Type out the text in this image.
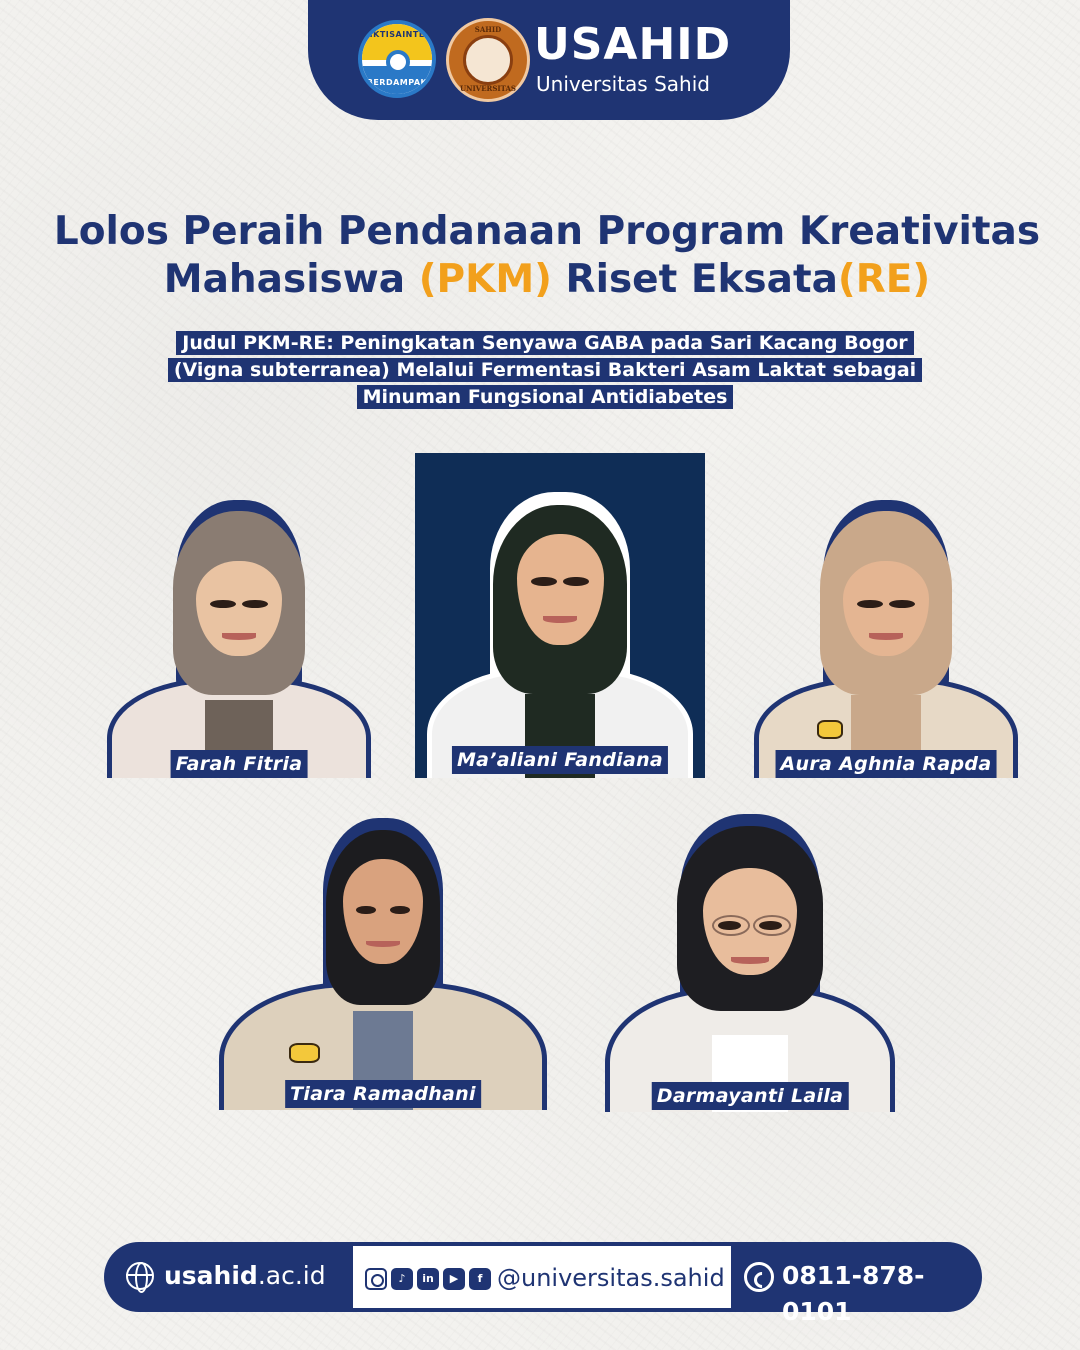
DIKTISAINTEK
BERDAMPAK
SAHID
UNIVERSITAS
USAHID
Universitas Sahid
Lolos Peraih Pendanaan Program Kreativitas
Mahasiswa (PKM) Riset Eksata(RE)
Judul PKM-RE: Peningkatan Senyawa GABA pada Sari Kacang Bogor
(Vigna subterranea) Melalui Fermentasi Bakteri Asam Laktat sebagai
Minuman Fungsional Antidiabetes
Farah Fitria	Ma’aliani Fandiana	Aura Aghnia Rapda
Tiara Ramadhani	Darmayanti Laila
usahid.ac.id	♪	in	▶	f @universitas.sahid 0811-878-0101
